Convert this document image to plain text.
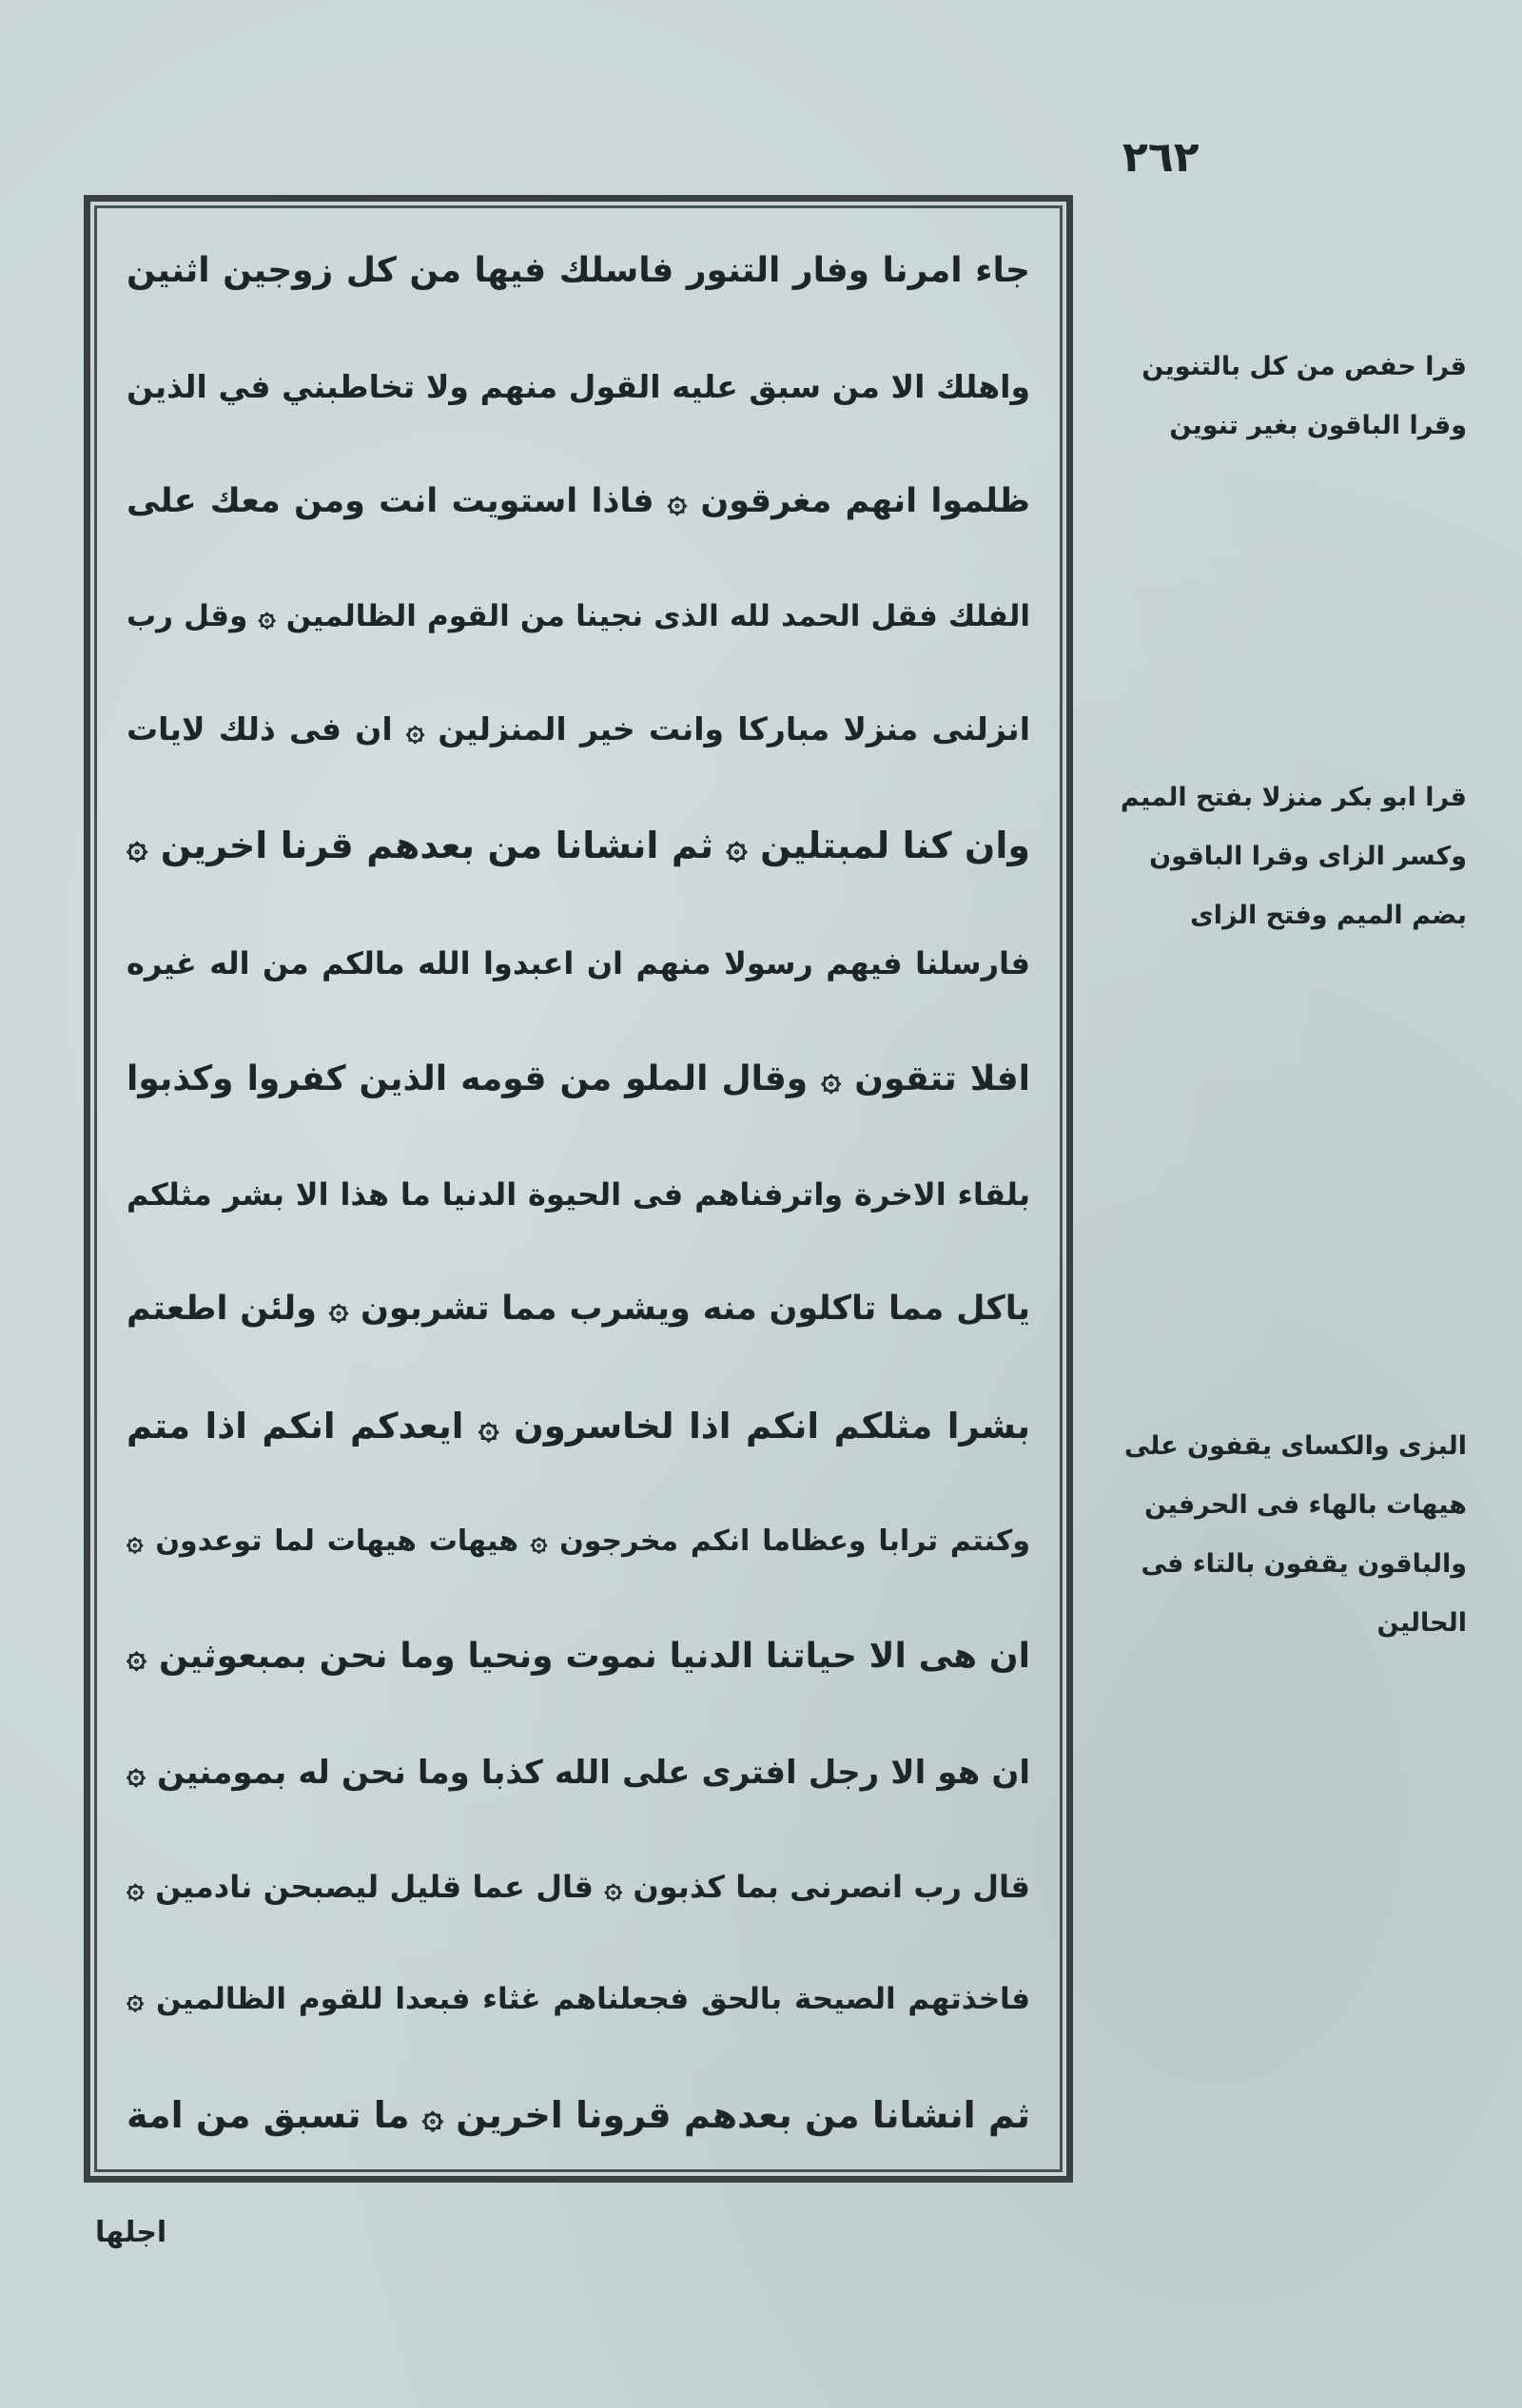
٢٦٢
جاء امرنا وفار التنور فاسلك فيها من كل زوجين اثنين
واهلك الا من سبق عليه القول منهم ولا تخاطبني في الذين
ظلموا انهم مغرقون ۞ فاذا استويت انت ومن معك على
الفلك فقل الحمد لله الذى نجينا من القوم الظالمين ۞ وقل رب
انزلنى منزلا مباركا وانت خير المنزلين ۞ ان فى ذلك لايات
وان كنا لمبتلين ۞ ثم انشانا من بعدهم قرنا اخرين ۞
فارسلنا فيهم رسولا منهم ان اعبدوا الله مالكم من اله غيره
افلا تتقون ۞ وقال الملو من قومه الذين كفروا وكذبوا
بلقاء الاخرة واترفناهم فى الحيوة الدنيا ما هذا الا بشر مثلكم
ياكل مما تاكلون منه ويشرب مما تشربون ۞ ولئن اطعتم
بشرا مثلكم انكم اذا لخاسرون ۞ ايعدكم انكم اذا متم
وكنتم ترابا وعظاما انكم مخرجون ۞ هيهات هيهات لما توعدون ۞
ان هى الا حياتنا الدنيا نموت ونحيا وما نحن بمبعوثين ۞
ان هو الا رجل افترى على الله كذبا وما نحن له بمومنين ۞
قال رب انصرنى بما كذبون ۞ قال عما قليل ليصبحن نادمين ۞
فاخذتهم الصيحة بالحق فجعلناهم غثاء فبعدا للقوم الظالمين ۞
ثم انشانا من بعدهم قرونا اخرين ۞ ما تسبق من امة
قرا حفص من كل بالتنوين
وقرا الباقون بغير تنوين
قرا ابو بكر منزلا بفتح الميم
وكسر الزاى وقرا الباقون
بضم الميم وفتح الزاى
البزى والكساى يقفون على
هيهات بالهاء فى الحرفين
والباقون يقفون بالتاء فى
الحالين
اجلها
